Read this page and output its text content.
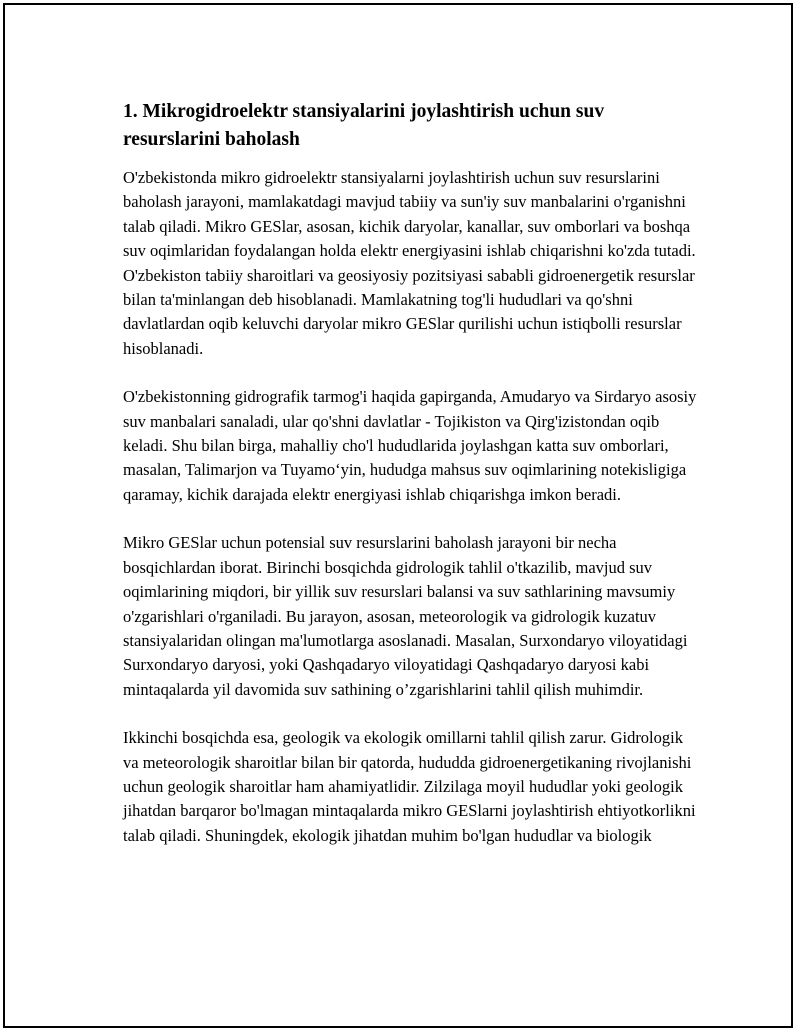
1. Mikrogidroelektr stansiyalarini joylashtirish uchun suv resurslarini baholash

O'zbekistonda mikro gidroelektr stansiyalarni joylashtirish uchun suv resurslarini baholash jarayoni, mamlakatdagi mavjud tabiiy va sun'iy suv manbalarini o'rganishni talab qiladi. Mikro GESlar, asosan, kichik daryolar, kanallar, suv omborlari va boshqa suv oqimlaridan foydalangan holda elektr energiyasini ishlab chiqarishni ko'zda tutadi. O'zbekiston tabiiy sharoitlari va geosiyosiy pozitsiyasi sababli gidroenergetik resurslar bilan ta'minlangan deb hisoblanadi. Mamlakatning tog'li hududlari va qo'shni davlatlardan oqib keluvchi daryolar mikro GESlar qurilishi uchun istiqbolli resurslar hisoblanadi.

O'zbekistonning gidrografik tarmog'i haqida gapirganda, Amudaryo va Sirdaryo asosiy suv manbalari sanaladi, ular qo'shni davlatlar - Tojikiston va Qirg'izistondan oqib keladi. Shu bilan birga, mahalliy cho'l hududlarida joylashgan katta suv omborlari, masalan, Talimarjon va Tuyamo‘yin, hududga mahsus suv oqimlarining notekisligiga qaramay, kichik darajada elektr energiyasi ishlab chiqarishga imkon beradi.

Mikro GESlar uchun potensial suv resurslarini baholash jarayoni bir necha bosqichlardan iborat. Birinchi bosqichda gidrologik tahlil o'tkazilib, mavjud suv oqimlarining miqdori, bir yillik suv resurslari balansi va suv sathlarining mavsumiy o'zgarishlari o'rganiladi. Bu jarayon, asosan, meteorologik va gidrologik kuzatuv stansiyalaridan olingan ma'lumotlarga asoslanadi. Masalan, Surxondaryo viloyatidagi Surxondaryo daryosi, yoki Qashqadaryo viloyatidagi Qashqadaryo daryosi kabi mintaqalarda yil davomida suv sathining o’zgarishlarini tahlil qilish muhimdir.

Ikkinchi bosqichda esa, geologik va ekologik omillarni tahlil qilish zarur. Gidrologik va meteorologik sharoitlar bilan bir qatorda, hududda gidroenergetikaning rivojlanishi uchun geologik sharoitlar ham ahamiyatlidir. Zilzilaga moyil hududlar yoki geologik jihatdan barqaror bo'lmagan mintaqalarda mikro GESlarni joylashtirish ehtiyotkorlikni talab qiladi. Shuningdek, ekologik jihatdan muhim bo'lgan hududlar va biologik
